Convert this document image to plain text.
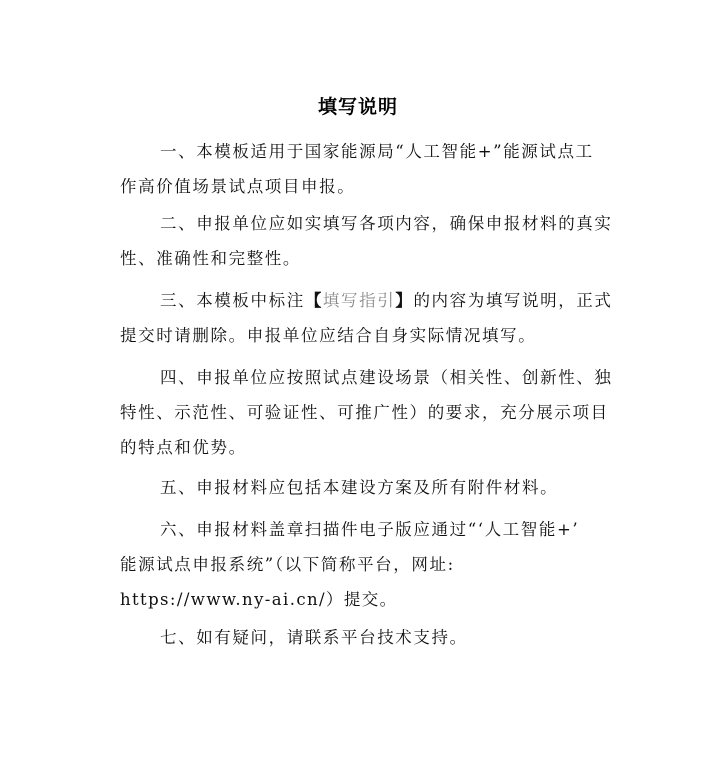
填写说明
一、本模板适用于国家能源局“人工智能+”能源试点工
作高价值场景试点项目申报。
二、申报单位应如实填写各项内容，确保申报材料的真实
性、准确性和完整性。
三、本模板中标注【填写指引】的内容为填写说明，正式
提交时请删除。申报单位应结合自身实际情况填写。
四、申报单位应按照试点建设场景（相关性、创新性、独
特性、示范性、可验证性、可推广性）的要求，充分展示项目
的特点和优势。
五、申报材料应包括本建设方案及所有附件材料。
六、申报材料盖章扫描件电子版应通过“‘人工智能+’
能源试点申报系统”（以下简称平台，网址:
https://www.ny-ai.cn/）提交。
七、如有疑问，请联系平台技术支持。
